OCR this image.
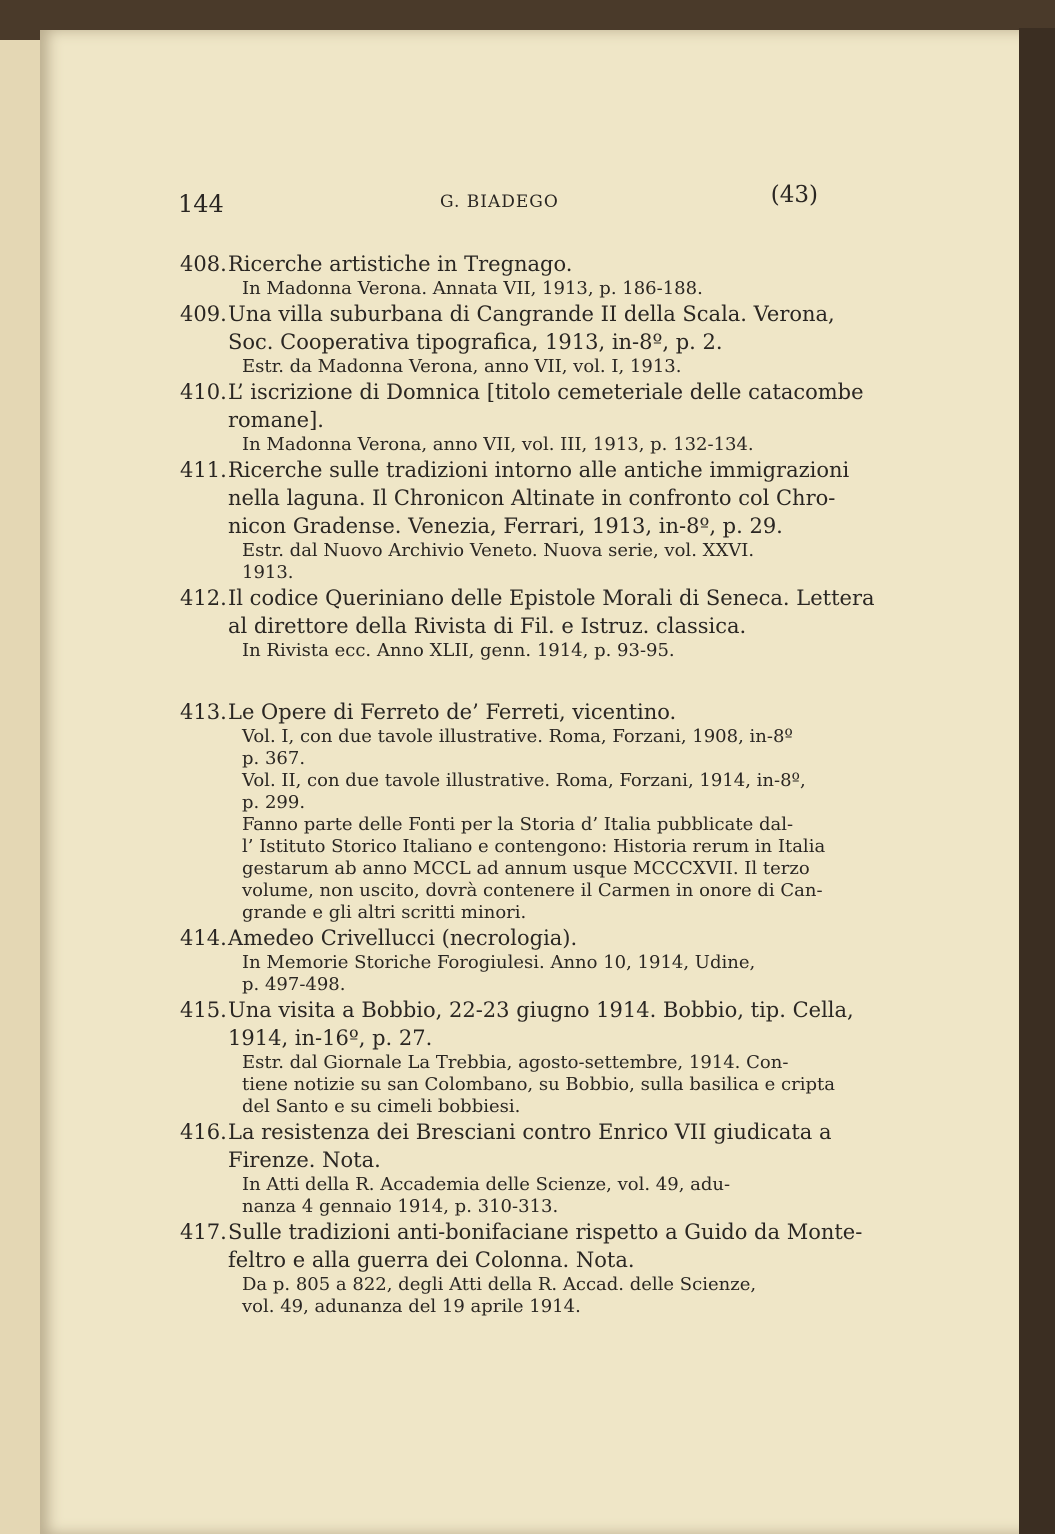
144	G. BIADEGO	(43)
408.Ricerche artistiche in Tregnago.
In Madonna Verona. Annata VII, 1913, p. 186-188.
409.Una villa suburbana di Cangrande II della Scala. Verona,
Soc. Cooperativa tipografica, 1913, in-8º, p. 2.
Estr. da Madonna Verona, anno VII, vol. I, 1913.
410.L’ iscrizione di Domnica [titolo cemeteriale delle catacombe
romane].
In Madonna Verona, anno VII, vol. III, 1913, p. 132-134.
411.Ricerche sulle tradizioni intorno alle antiche immigrazioni
nella laguna. Il Chronicon Altinate in confronto col Chro-
nicon Gradense. Venezia, Ferrari, 1913, in-8º, p. 29.
Estr. dal Nuovo Archivio Veneto. Nuova serie, vol. XXVI.
1913.
412.Il codice Queriniano delle Epistole Morali di Seneca. Lettera
al direttore della Rivista di Fil. e Istruz. classica.
In Rivista ecc. Anno XLII, genn. 1914, p. 93-95.
413.Le Opere di Ferreto de’ Ferreti, vicentino.
Vol. I, con due tavole illustrative. Roma, Forzani, 1908, in-8º
p. 367.
Vol. II, con due tavole illustrative. Roma, Forzani, 1914, in-8º,
p. 299.
Fanno parte delle Fonti per la Storia d’ Italia pubblicate dal-
l’ Istituto Storico Italiano e contengono: Historia rerum in Italia
gestarum ab anno MCCL ad annum usque MCCCXVII. Il terzo
volume, non uscito, dovrà contenere il Carmen in onore di Can-
grande e gli altri scritti minori.
414.Amedeo Crivellucci (necrologia).
In Memorie Storiche Forogiulesi. Anno 10, 1914, Udine,
p. 497-498.
415.Una visita a Bobbio, 22-23 giugno 1914. Bobbio, tip. Cella,
1914, in-16º, p. 27.
Estr. dal Giornale La Trebbia, agosto-settembre, 1914. Con-
tiene notizie su san Colombano, su Bobbio, sulla basilica e cripta
del Santo e su cimeli bobbiesi.
416.La resistenza dei Bresciani contro Enrico VII giudicata a
Firenze. Nota.
In Atti della R. Accademia delle Scienze, vol. 49, adu-
nanza 4 gennaio 1914, p. 310-313.
417.Sulle tradizioni anti-bonifaciane rispetto a Guido da Monte-
feltro e alla guerra dei Colonna. Nota.
Da p. 805 a 822, degli Atti della R. Accad. delle Scienze,
vol. 49, adunanza del 19 aprile 1914.
